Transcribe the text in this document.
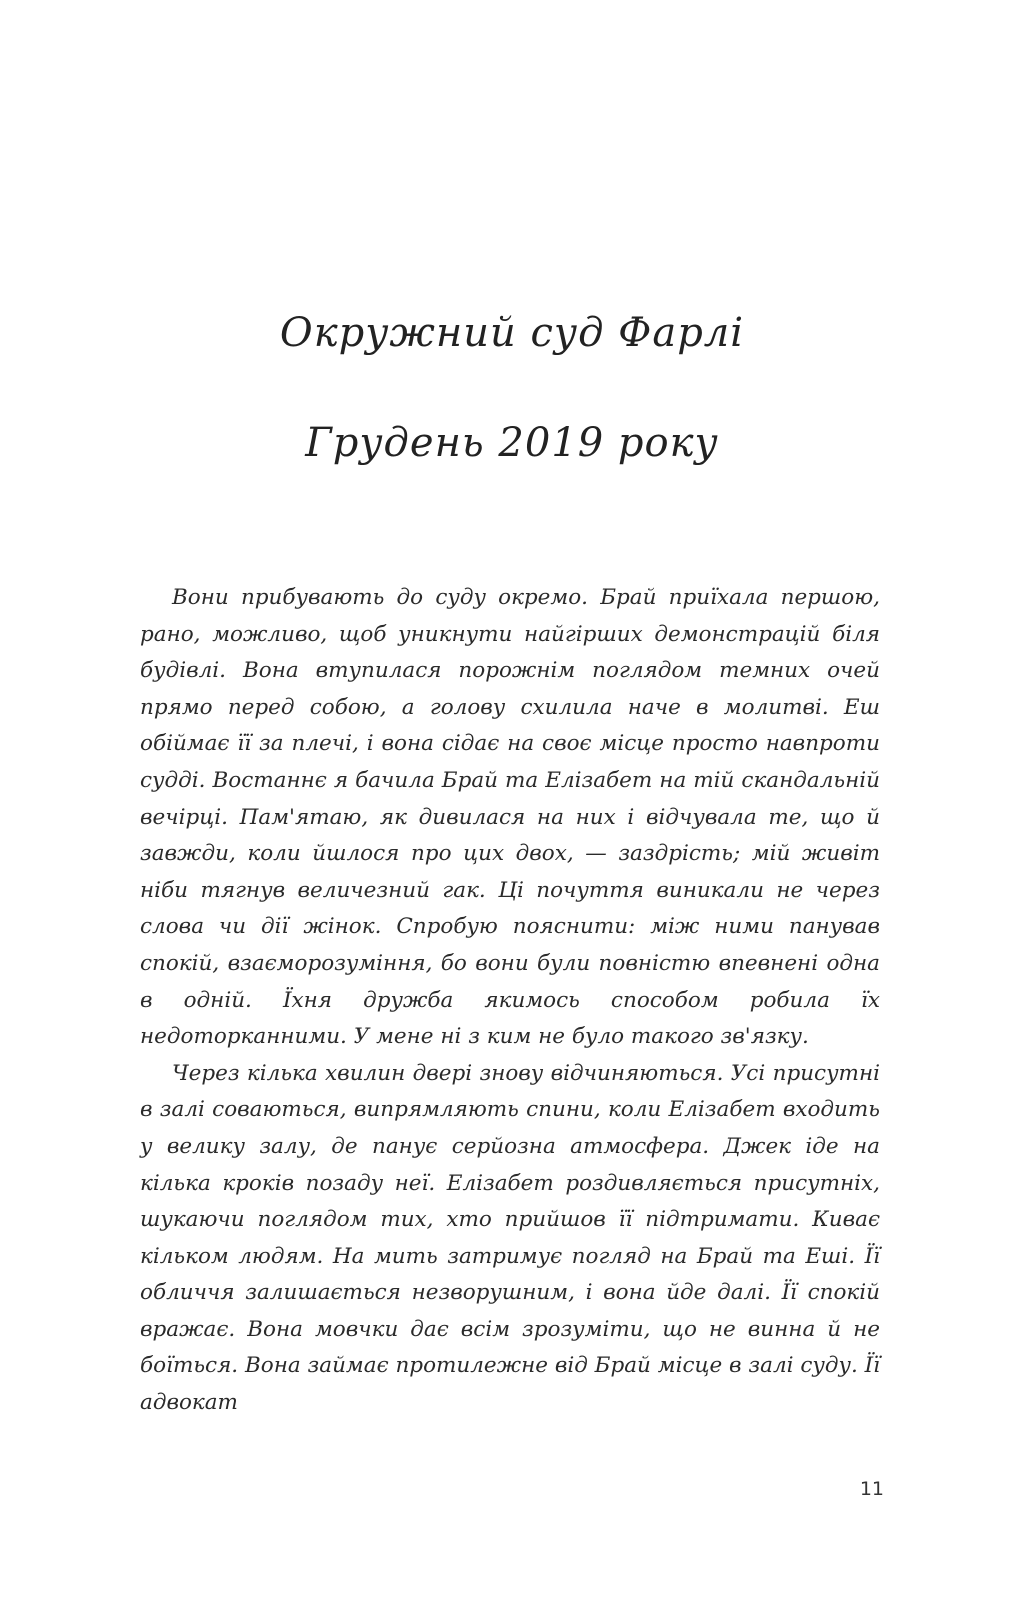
Окружний суд Фарлі
Грудень 2019 року

Вони прибувають до суду окремо. Брай приїхала першою, рано, можливо, щоб уникнути найгірших демонстрацій біля будівлі. Вона втупилася порожнім поглядом темних очей прямо перед собою, а голову схилила наче в молитві. Еш обіймає її за плечі, і вона сідає на своє місце просто навпроти судді. Востаннє я бачила Брай та Елізабет на тій скандальній вечірці. Пам'ятаю, як дивилася на них і відчувала те, що й завжди, коли йшлося про цих двох, — заздрість; мій живіт ніби тягнув величезний гак. Ці почуття виникали не через слова чи дії жінок. Спробую пояснити: між ними панував спокій, взаєморозуміння, бо вони були повністю впевнені одна в одній. Їхня дружба якимось способом робила їх недоторканними. У мене ні з ким не було такого зв'язку.

Через кілька хвилин двері знову відчиняються. Усі присутні в залі соваються, випрямляють спини, коли Елізабет входить у велику залу, де панує серйозна атмосфера. Джек іде на кілька кроків позаду неї. Елізабет роздивляється присутніх, шукаючи поглядом тих, хто прийшов її підтримати. Киває кільком людям. На мить затримує погляд на Брай та Еші. Її обличчя залишається незворушним, і вона йде далі. Її спокій вражає. Вона мовчки дає всім зрозуміти, що не винна й не боїться. Вона займає протилежне від Брай місце в залі суду. Її адвокат

11
